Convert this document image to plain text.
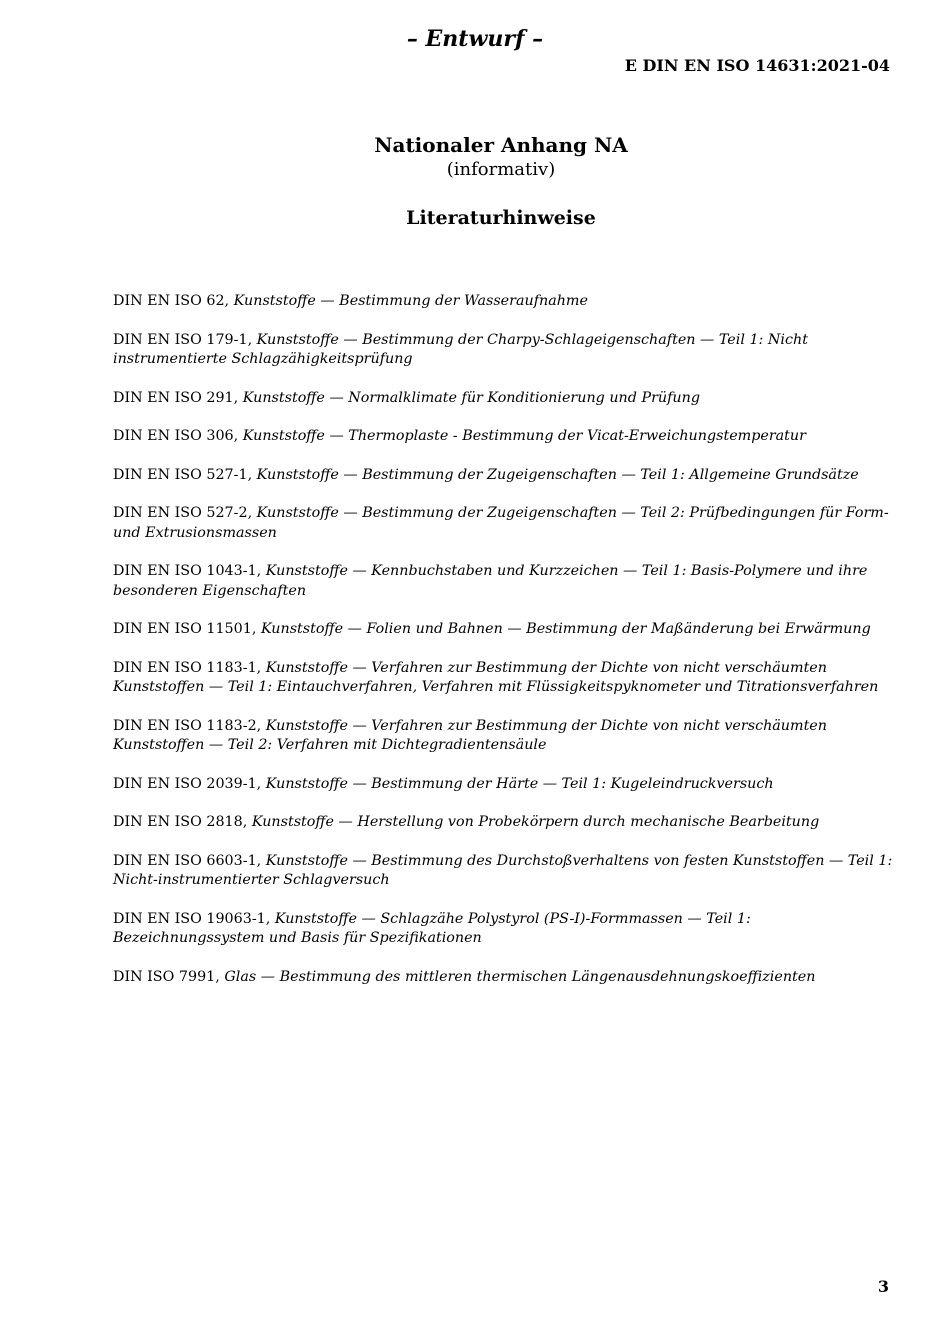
– Entwurf –
E DIN EN ISO 14631:2021-04
Nationaler Anhang NA
(informativ)
Literaturhinweise
DIN EN ISO 62, Kunststoffe — Bestimmung der Wasseraufnahme
DIN EN ISO 179-1, Kunststoffe — Bestimmung der Charpy-Schlageigenschaften — Teil 1: Nicht instrumentierte Schlagzähigkeitsprüfung
DIN EN ISO 291, Kunststoffe — Normalklimate für Konditionierung und Prüfung
DIN EN ISO 306, Kunststoffe — Thermoplaste - Bestimmung der Vicat-Erweichungstemperatur
DIN EN ISO 527-1, Kunststoffe — Bestimmung der Zugeigenschaften — Teil 1: Allgemeine Grundsätze
DIN EN ISO 527-2, Kunststoffe — Bestimmung der Zugeigenschaften — Teil 2: Prüfbedingungen für Form- und Extrusionsmassen
DIN EN ISO 1043-1, Kunststoffe — Kennbuchstaben und Kurzzeichen — Teil 1: Basis-Polymere und ihre besonderen Eigenschaften
DIN EN ISO 11501, Kunststoffe — Folien und Bahnen — Bestimmung der Maßänderung bei Erwärmung
DIN EN ISO 1183-1, Kunststoffe — Verfahren zur Bestimmung der Dichte von nicht verschäumten Kunststoffen — Teil 1: Eintauchverfahren, Verfahren mit Flüssigkeitspyknometer und Titrationsverfahren
DIN EN ISO 1183-2, Kunststoffe — Verfahren zur Bestimmung der Dichte von nicht verschäumten Kunststoffen — Teil 2: Verfahren mit Dichtegradientensäule
DIN EN ISO 2039-1, Kunststoffe — Bestimmung der Härte — Teil 1: Kugeleindruckversuch
DIN EN ISO 2818, Kunststoffe — Herstellung von Probekörpern durch mechanische Bearbeitung
DIN EN ISO 6603-1, Kunststoffe — Bestimmung des Durchstoßverhaltens von festen Kunststoffen — Teil 1: Nicht-instrumentierter Schlagversuch
DIN EN ISO 19063-1, Kunststoffe — Schlagzähe Polystyrol (PS-I)-Formmassen — Teil 1: Bezeichnungssystem und Basis für Spezifikationen
DIN ISO 7991, Glas — Bestimmung des mittleren thermischen Längenausdehnungskoeffizienten
3
